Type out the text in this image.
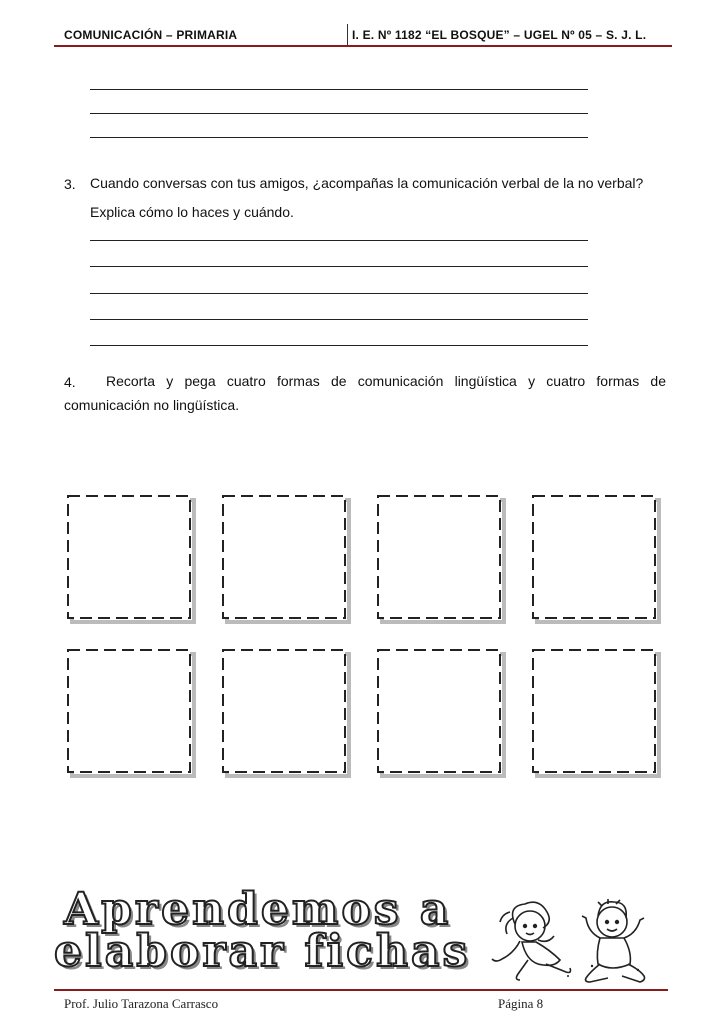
COMUNICACIÓN – PRIMARIA	I. E. Nº 1182 “EL BOSQUE” – UGEL Nº 05 – S. J. L.
3. Cuando conversas con tus amigos, ¿acompañas la comunicación verbal de la no verbal?
Explica cómo lo haces y cuándo.
4. Recorta y pega cuatro formas de comunicación lingüística y cuatro formas de
comunicación no lingüística.
Aprendemos a
elaborar fichas
Prof. Julio Tarazona Carrasco	Página 8
